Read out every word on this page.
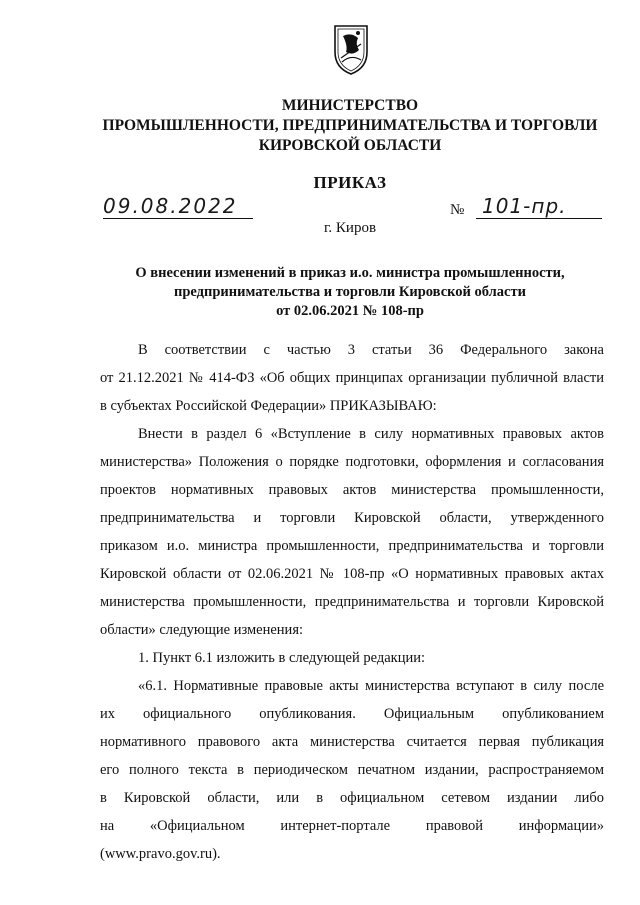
МИНИСТЕРСТВО
ПРОМЫШЛЕННОСТИ, ПРЕДПРИНИМАТЕЛЬСТВА И ТОРГОВЛИ
КИРОВСКОЙ ОБЛАСТИ
ПРИКАЗ
09.08.2022	№ 101-пр.
г. Киров
О внесении изменений в приказ и.о. министра промышленности,
предпринимательства и торговли Кировской области
от 02.06.2021 № 108-пр
В соответствии с частью 3 статьи 36 Федерального закона
от 21.12.2021 № 414-ФЗ «Об общих принципах организации публичной власти
в субъектах Российской Федерации» ПРИКАЗЫВАЮ:
Внести в раздел 6 «Вступление в силу нормативных правовых актов
министерства» Положения о порядке подготовки, оформления и согласования
проектов нормативных правовых актов министерства промышленности,
предпринимательства и торговли Кировской области, утвержденного
приказом и.о. министра промышленности, предпринимательства и торговли
Кировской области от 02.06.2021 № 108-пр «О нормативных правовых актах
министерства промышленности, предпринимательства и торговли Кировской
области» следующие изменения:
1. Пункт 6.1 изложить в следующей редакции:
«6.1. Нормативные правовые акты министерства вступают в силу после
их официального опубликования. Официальным опубликованием
нормативного правового акта министерства считается первая публикация
его полного текста в периодическом печатном издании, распространяемом
в Кировской области, или в официальном сетевом издании либо
на «Официальном интернет-портале правовой информации»
(www.pravo.gov.ru).
